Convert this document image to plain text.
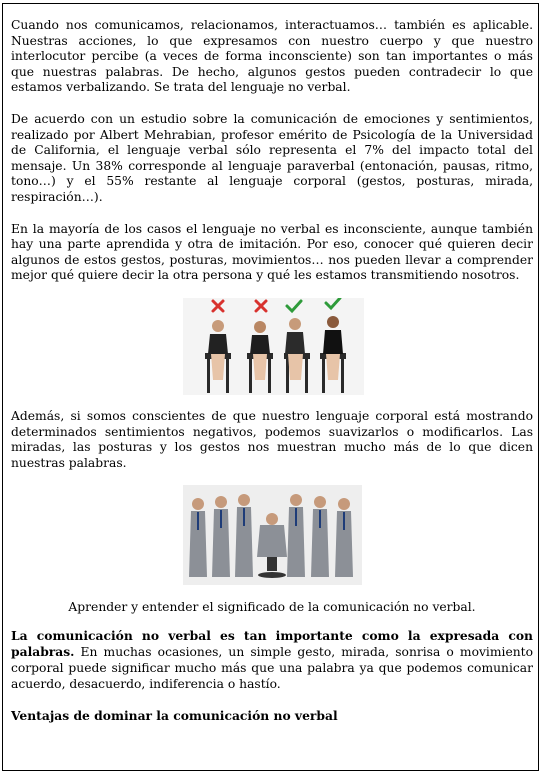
Cuando nos comunicamos, relacionamos, interactuamos… también es aplicable. Nuestras acciones, lo que expresamos con nuestro cuerpo y que nuestro interlocutor percibe (a veces de forma inconsciente) son tan importantes o más que nuestras palabras. De hecho, algunos gestos pueden contradecir lo que estamos verbalizando. Se trata del lenguaje no verbal.

De acuerdo con un estudio sobre la comunicación de emociones y sentimientos, realizado por Albert Mehrabian, profesor emérito de Psicología de la Universidad de California, el lenguaje verbal sólo representa el 7% del impacto total del mensaje. Un 38% corresponde al lenguaje paraverbal (entonación, pausas, ritmo, tono…) y el 55% restante al lenguaje corporal (gestos, posturas, mirada, respiración…).

En la mayoría de los casos el lenguaje no verbal es inconsciente, aunque también hay una parte aprendida y otra de imitación. Por eso, conocer qué quieren decir algunos de estos gestos, posturas, movimientos… nos pueden llevar a comprender mejor qué quiere decir la otra persona y qué les estamos transmitiendo nosotros.

Además, si somos conscientes de que nuestro lenguaje corporal está mostrando determinados sentimientos negativos, podemos suavizarlos o modificarlos. Las miradas, las posturas y los gestos nos muestran mucho más de lo que dicen nuestras palabras.

Aprender y entender el significado de la comunicación no verbal.

La comunicación no verbal es tan importante como la expresada con palabras. En muchas ocasiones, un simple gesto, mirada, sonrisa o movimiento corporal puede significar mucho más que una palabra ya que podemos comunicar acuerdo, desacuerdo, indiferencia o hastío.

Ventajas de dominar la comunicación no verbal
